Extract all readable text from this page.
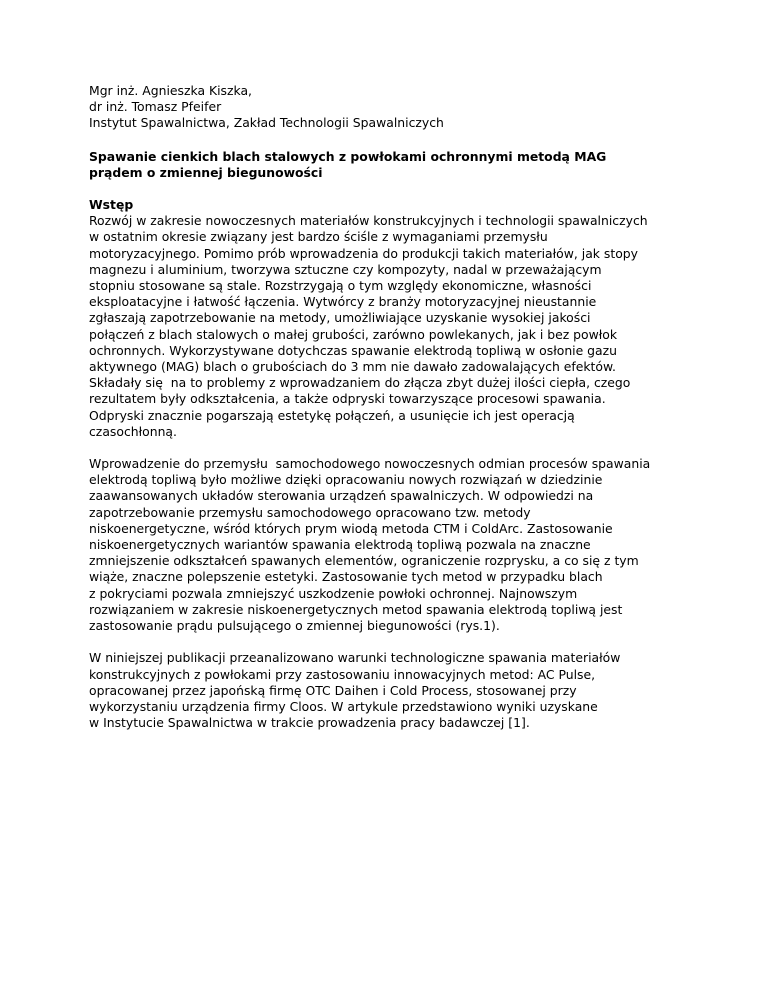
Mgr inż. Agnieszka Kiszka,
dr inż. Tomasz Pfeifer
Instytut Spawalnictwa, Zakład Technologii Spawalniczych
Spawanie cienkich blach stalowych z powłokami ochronnymi metodą MAG
prądem o zmiennej biegunowości
Wstęp
Rozwój w zakresie nowoczesnych materiałów konstrukcyjnych i technologii spawalniczych
w ostatnim okresie związany jest bardzo ściśle z wymaganiami przemysłu
motoryzacyjnego. Pomimo prób wprowadzenia do produkcji takich materiałów, jak stopy
magnezu i aluminium, tworzywa sztuczne czy kompozyty, nadal w przeważającym
stopniu stosowane są stale. Rozstrzygają o tym względy ekonomiczne, własności
eksploatacyjne i łatwość łączenia. Wytwórcy z branży motoryzacyjnej nieustannie
zgłaszają zapotrzebowanie na metody, umożliwiające uzyskanie wysokiej jakości
połączeń z blach stalowych o małej grubości, zarówno powlekanych, jak i bez powłok
ochronnych. Wykorzystywane dotychczas spawanie elektrodą topliwą w osłonie gazu
aktywnego (MAG) blach o grubościach do 3 mm nie dawało zadowalających efektów.
Składały się  na to problemy z wprowadzaniem do złącza zbyt dużej ilości ciepła, czego
rezultatem były odkształcenia, a także odpryski towarzyszące procesowi spawania.
Odpryski znacznie pogarszają estetykę połączeń, a usunięcie ich jest operacją
czasochłonną.
Wprowadzenie do przemysłu  samochodowego nowoczesnych odmian procesów spawania
elektrodą topliwą było możliwe dzięki opracowaniu nowych rozwiązań w dziedzinie
zaawansowanych układów sterowania urządzeń spawalniczych. W odpowiedzi na
zapotrzebowanie przemysłu samochodowego opracowano tzw. metody
niskoenergetyczne, wśród których prym wiodą metoda CTM i ColdArc. Zastosowanie
niskoenergetycznych wariantów spawania elektrodą topliwą pozwala na znaczne
zmniejszenie odkształceń spawanych elementów, ograniczenie rozprysku, a co się z tym
wiąże, znaczne polepszenie estetyki. Zastosowanie tych metod w przypadku blach
z pokryciami pozwala zmniejszyć uszkodzenie powłoki ochronnej. Najnowszym
rozwiązaniem w zakresie niskoenergetycznych metod spawania elektrodą topliwą jest
zastosowanie prądu pulsującego o zmiennej biegunowości (rys.1).
W niniejszej publikacji przeanalizowano warunki technologiczne spawania materiałów
konstrukcyjnych z powłokami przy zastosowaniu innowacyjnych metod: AC Pulse,
opracowanej przez japońską firmę OTC Daihen i Cold Process, stosowanej przy
wykorzystaniu urządzenia firmy Cloos. W artykule przedstawiono wyniki uzyskane
w Instytucie Spawalnictwa w trakcie prowadzenia pracy badawczej [1].
